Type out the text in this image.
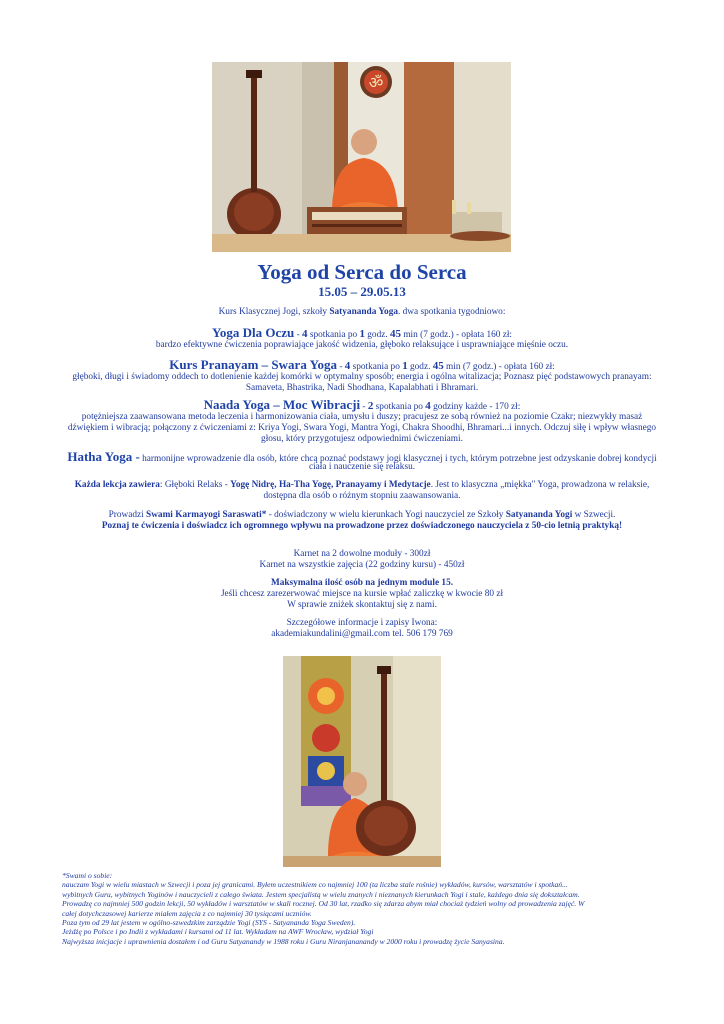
ॐ
Yoga od Serca do Serca
15.05 – 29.05.13
Kurs Klasycznej Jogi, szkoły Satyananda Yoga. dwa spotkania tygodniowo:
Yoga Dla Oczu - 4 spotkania po 1 godz. 45 min (7 godz.) - opłata 160 zł:
bardzo efektywne ćwiczenia poprawiające jakość widzenia, głęboko relaksujące i usprawniające mięśnie oczu.
Kurs Pranayam – Swara Yoga - 4 spotkania po 1 godz. 45 min (7 godz.) - opłata 160 zł:
głęboki, długi i świadomy oddech to dotlenienie każdej komórki w optymalny sposób; energia i ogólna witalizacja; Poznasz pięć podstawowych pranayam:
Samaveta, Bhastrika, Nadi Shodhana, Kapalabhati i Bhramari.
Naada Yoga – Moc Wibracji - 2 spotkania po 4 godziny każde - 170 zł:
potężniejsza zaawansowana metoda leczenia i harmonizowania ciała, umysłu i duszy; pracujesz ze sobą również na poziomie Czakr; niezwykły masaż
dźwiękiem i wibracją; połączony z ćwiczeniami z: Kriya Yogi, Swara Yogi, Mantra Yogi, Chakra Shoodhi, Bhramari...i innych. Odczuj siłę i wpływ własnego
głosu, który przygotujesz odpowiednimi ćwiczeniami.
Hatha Yoga - harmonijne wprowadzenie dla osób, które chcą poznać podstawy jogi klasycznej i tych, którym potrzebne jest odzyskanie dobrej kondycji
ciała i nauczenie się relaksu.
Każda lekcja zawiera: Głęboki Relaks - Yogę Nidrę, Ha-Tha Yogę, Pranayamy i Medytacje. Jest to klasyczna „miękka" Yoga, prowadzona w relaksie,
dostępna dla osób o różnym stopniu zaawansowania.
Prowadzi Swami Karmayogi Saraswati* - doświadczony w wielu kierunkach Yogi nauczyciel ze Szkoły Satyananda Yogi w Szwecji.
Poznaj te ćwiczenia i doświadcz ich ogromnego wpływu na prowadzone przez doświadczonego nauczyciela z 50-cio letnią praktyką!
Karnet na 2 dowolne moduły - 300zł
Karnet na wszystkie zajęcia (22 godziny kursu) - 450zł
Maksymalna ilość osób na jednym module 15.
Jeśli chcesz zarezerwować miejsce na kursie wpłać zaliczkę w kwocie 80 zł
W sprawie zniżek skontaktuj się z nami.
Szczegółowe informacje i zapisy Iwona:
akademiakundalini@gmail.com tel. 506 179 769
*Swami o sobie:
nauczam Yogi w wielu miastach w Szwecji i poza jej granicami. Byłem uczestnikiem co najmniej 100 (ta liczba stale rośnie) wykładów, kursów, warsztatów i spotkań...
wybitnych Guru, wybitnych Yoginów i nauczycieli z całego świata. Jestem specjalistą w wielu znanych i nieznanych kierunkach Yogi i stale, każdego dnia się dokształcam.
Prowadzę co najmniej 500 godzin lekcji, 50 wykładów i warsztatów w skali rocznej. Od 30 lat, rzadko się zdarza abym miał chociaż tydzień wolny od prowadzenia zajęć. W
całej dotychczasowej karierze miałem zajęcia z co najmniej 30 tysiącami uczniów.
Poza tym od 29 lat jestem w ogólno-szwedzkim zarządzie Yogi (SYS - Satyananda Yoga Sweden).
Jeżdżę po Polsce i po Indii z wykładami i kursami od 11 lat. Wykładam na AWF Wrocław, wydział Yogi
Najwyższa inicjacje i uprawnienia dostałem i od Guru Satyanandy w 1988 roku i Guru Niranjananandy w 2000 roku i prowadzę życie Sanyasina.
